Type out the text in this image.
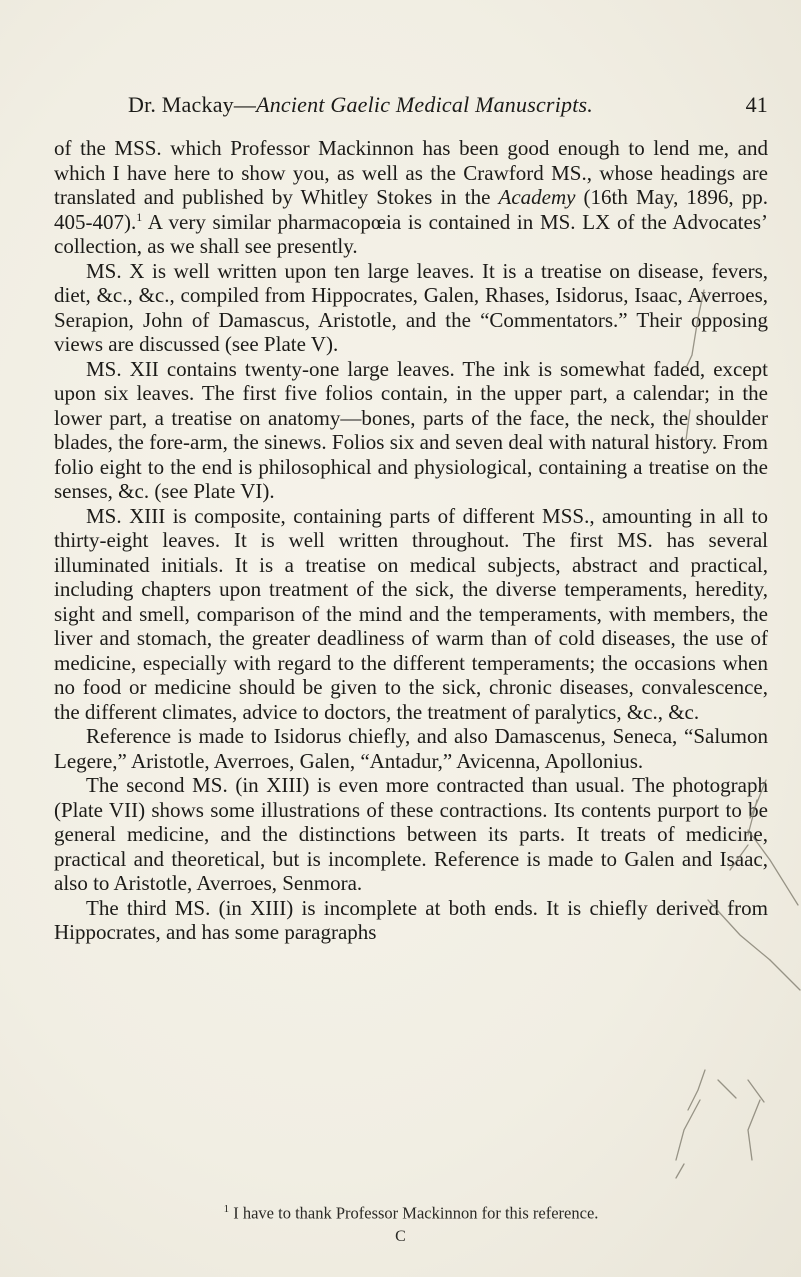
Dr. Mackay—Ancient Gaelic Medical Manuscripts.	41

of the MSS. which Professor Mackinnon has been good enough to lend me, and which I have here to show you, as well as the Crawford MS., whose headings are translated and published by Whitley Stokes in the Academy (16th May, 1896, pp. 405-407).$^1$ A very similar pharmacopœia is contained in MS. LX of the Advocates’ collection, as we shall see presently.

MS. X is well written upon ten large leaves. It is a treatise on disease, fevers, diet, &c., &c., compiled from Hippocrates, Galen, Rhases, Isidorus, Isaac, Averroes, Serapion, John of Damascus, Aristotle, and the “Commentators.” Their opposing views are discussed (see Plate V).

MS. XII contains twenty-one large leaves. The ink is somewhat faded, except upon six leaves. The first five folios contain, in the upper part, a calendar; in the lower part, a treatise on anatomy—bones, parts of the face, the neck, the shoulder blades, the fore-arm, the sinews. Folios six and seven deal with natural history. From folio eight to the end is philosophical and physiological, containing a treatise on the senses, &c. (see Plate VI).

MS. XIII is composite, containing parts of different MSS., amounting in all to thirty-eight leaves. It is well written throughout. The first MS. has several illuminated initials. It is a treatise on medical subjects, abstract and practical, including chapters upon treatment of the sick, the diverse temperaments, heredity, sight and smell, comparison of the mind and the temperaments, with members, the liver and stomach, the greater deadliness of warm than of cold diseases, the use of medicine, especially with regard to the different temperaments; the occasions when no food or medicine should be given to the sick, chronic diseases, convalescence, the different climates, advice to doctors, the treatment of paralytics, &c., &c.

Reference is made to Isidorus chiefly, and also Damascenus, Seneca, “Salumon Legere,” Aristotle, Averroes, Galen, “Antadur,” Avicenna, Apollonius.

The second MS. (in XIII) is even more contracted than usual. The photograph (Plate VII) shows some illustrations of these contractions. Its contents purport to be general medicine, and the distinctions between its parts. It treats of medicine, practical and theoretical, but is incomplete. Reference is made to Galen and Isaac, also to Aristotle, Averroes, Senmora.

The third MS. (in XIII) is incomplete at both ends. It is chiefly derived from Hippocrates, and has some paragraphs

$^1$ I have to thank Professor Mackinnon for this reference.
C
